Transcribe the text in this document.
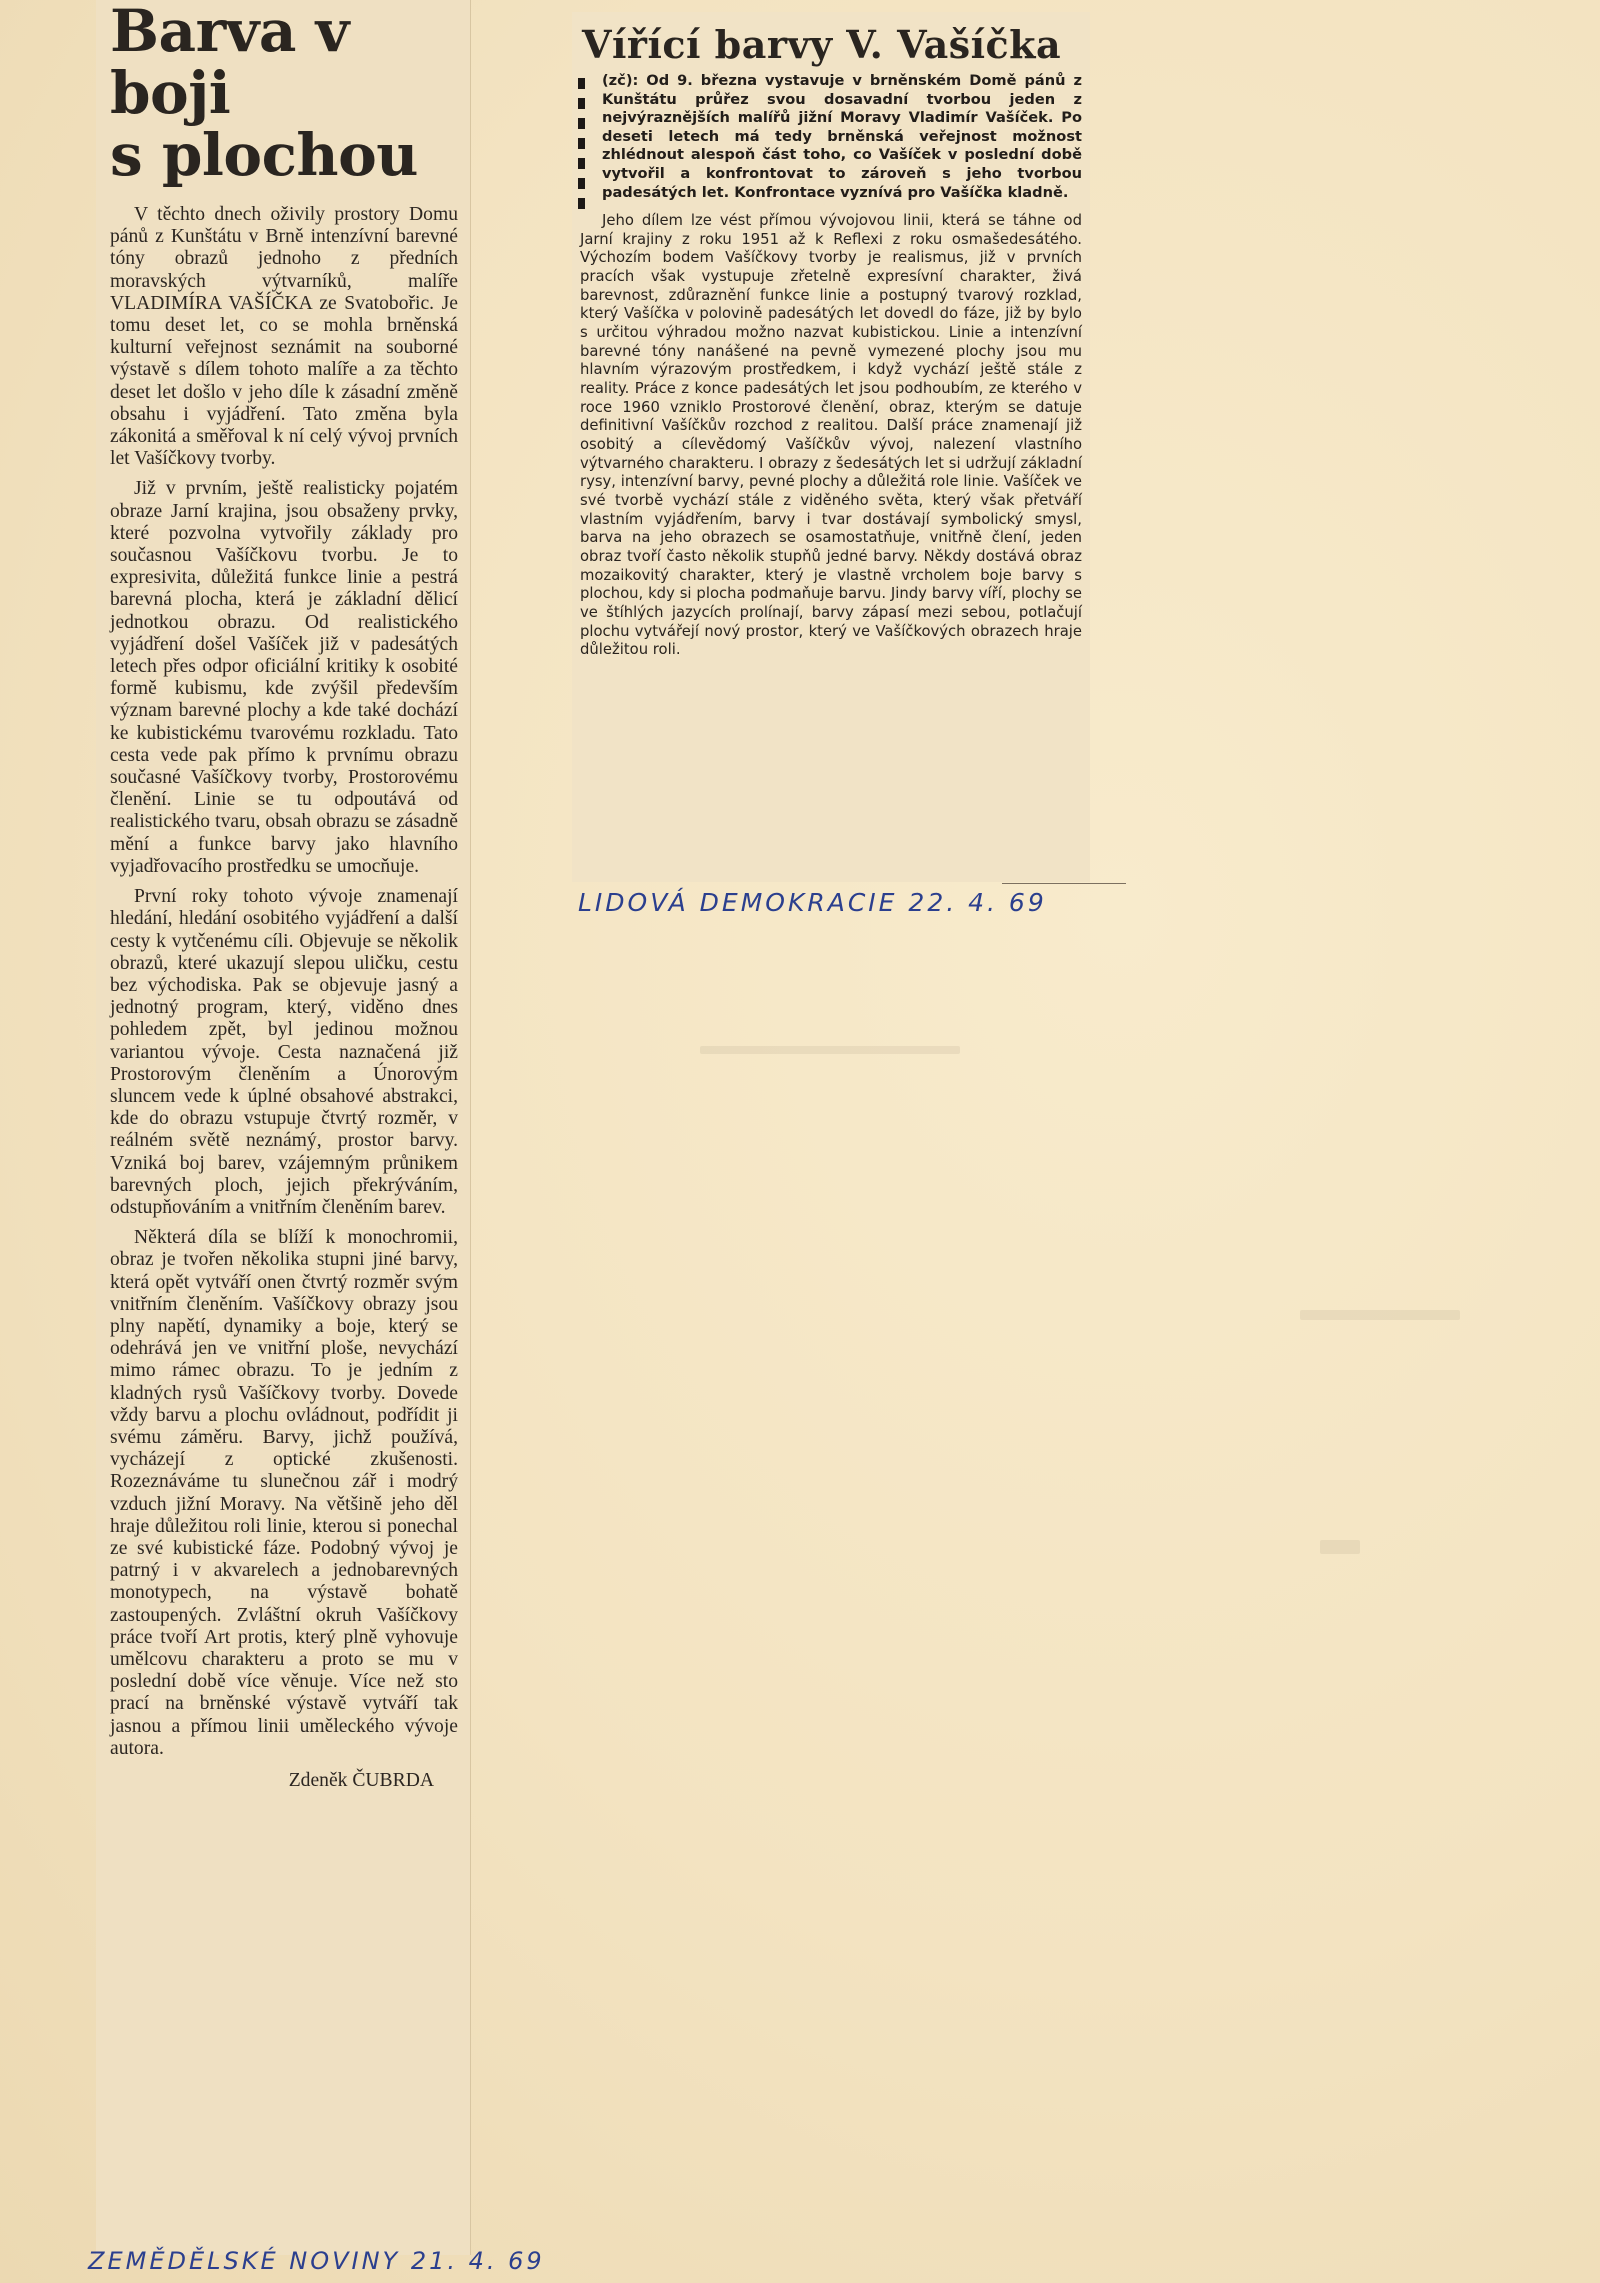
Barva v boji
s plochou

V těchto dnech oživily prostory Domu pánů z Kunštátu v Brně intenzívní barevné tóny obrazů jednoho z předních moravských výtvarníků, malíře VLADIMÍRA VAŠÍČKA ze Svatobořic. Je tomu deset let, co se mohla brněnská kulturní veřejnost seznámit na souborné výstavě s dílem tohoto malíře a za těchto deset let došlo v jeho díle k zásadní změně obsahu i vyjádření. Tato změna byla zákonitá a směřoval k ní celý vývoj prvních let Vašíčkovy tvorby.

Již v prvním, ještě realisticky pojatém obraze Jarní krajina, jsou obsaženy prvky, které pozvolna vytvořily základy pro současnou Vašíčkovu tvorbu. Je to expresivita, důležitá funkce linie a pestrá barevná plocha, která je základní dělicí jednotkou obrazu. Od realistického vyjádření došel Vašíček již v padesátých letech přes odpor oficiální kritiky k osobité formě kubismu, kde zvýšil především význam barevné plochy a kde také dochází ke kubistickému tvarovému rozkladu. Tato cesta vede pak přímo k prvnímu obrazu současné Vašíčkovy tvorby, Prostorovému členění. Linie se tu odpoutává od realistického tvaru, obsah obrazu se zásadně mění a funkce barvy jako hlavního vyjadřovacího prostředku se umocňuje.

První roky tohoto vývoje znamenají hledání, hledání osobitého vyjádření a další cesty k vytčenému cíli. Objevuje se několik obrazů, které ukazují slepou uličku, cestu bez východiska. Pak se objevuje jasný a jednotný program, který, viděno dnes pohledem zpět, byl jedinou možnou variantou vývoje. Cesta naznačená již Prostorovým členěním a Únorovým sluncem vede k úplné obsahové abstrakci, kde do obrazu vstupuje čtvrtý rozměr, v reálném světě neznámý, prostor barvy. Vzniká boj barev, vzájemným průnikem barevných ploch, jejich překrýváním, odstupňováním a vnitřním členěním barev.

Některá díla se blíží k monochromii, obraz je tvořen několika stupni jiné barvy, která opět vytváří onen čtvrtý rozměr svým vnitřním členěním. Vašíčkovy obrazy jsou plny napětí, dynamiky a boje, který se odehrává jen ve vnitřní ploše, nevychází mimo rámec obrazu. To je jedním z kladných rysů Vašíčkovy tvorby. Dovede vždy barvu a plochu ovládnout, podřídit ji svému záměru. Barvy, jichž používá, vycházejí z optické zkušenosti. Rozeznáváme tu slunečnou zář i modrý vzduch jižní Moravy. Na většině jeho děl hraje důležitou roli linie, kterou si ponechal ze své kubistické fáze. Podobný vývoj je patrný i v akvarelech a jednobarevných monotypech, na výstavě bohatě zastoupených. Zvláštní okruh Vašíčkovy práce tvoří Art protis, který plně vyhovuje umělcovu charakteru a proto se mu v poslední době více věnuje. Více než sto prací na brněnské výstavě vytváří tak jasnou a přímou linii uměleckého vývoje autora.

Zdeněk ČUBRDA
Vířící barvy V. Vašíčka

(zč): Od 9. března vystavuje v brněnském Domě pánů z Kunštátu průřez svou dosavadní tvorbou jeden z nejvýraznějších malířů jižní Moravy Vladimír Vašíček. Po deseti letech má tedy brněnská veřejnost možnost zhlédnout alespoň část toho, co Vašíček v poslední době vytvořil a konfrontovat to zároveň s jeho tvorbou padesátých let. Konfrontace vyznívá pro Vašíčka kladně.

Jeho dílem lze vést přímou vývojovou linii, která se táhne od Jarní krajiny z roku 1951 až k Reflexi z roku osmašedesátého. Výchozím bodem Vašíčkovy tvorby je realismus, již v prvních pracích však vystupuje zřetelně expresívní charakter, živá barevnost, zdůraznění funkce linie a postupný tvarový rozklad, který Vašíčka v polovině padesátých let dovedl do fáze, již by bylo s určitou výhradou možno nazvat kubistickou. Linie a intenzívní barevné tóny nanášené na pevně vymezené plochy jsou mu hlavním výrazovým prostředkem, i když vychází ještě stále z reality. Práce z konce padesátých let jsou podhoubím, ze kterého v roce 1960 vzniklo Prostorové členění, obraz, kterým se datuje definitivní Vašíčkův rozchod z realitou. Další práce znamenají již osobitý a cílevědomý Vašíčkův vývoj, nalezení vlastního výtvarného charakteru. I obrazy z šedesátých let si udržují základní rysy, intenzívní barvy, pevné plochy a důležitá role linie. Vašíček ve své tvorbě vychází stále z viděného světa, který však přetváří vlastním vyjádřením, barvy i tvar dostávají symbolický smysl, barva na jeho obrazech se osamostatňuje, vnitřně člení, jeden obraz tvoří často několik stupňů jedné barvy. Někdy dostává obraz mozaikovitý charakter, který je vlastně vrcholem boje barvy s plochou, kdy si plocha podmaňuje barvu. Jindy barvy víří, plochy se ve štíhlých jazycích prolínají, barvy zápasí mezi sebou, potlačují plochu vytvářejí nový prostor, který ve Vašíčkových obrazech hraje důležitou roli.

LIDOVÁ DEMOKRACIE 22. 4. 69
ZEMĚDĚLSKÉ NOVINY 21. 4. 69
